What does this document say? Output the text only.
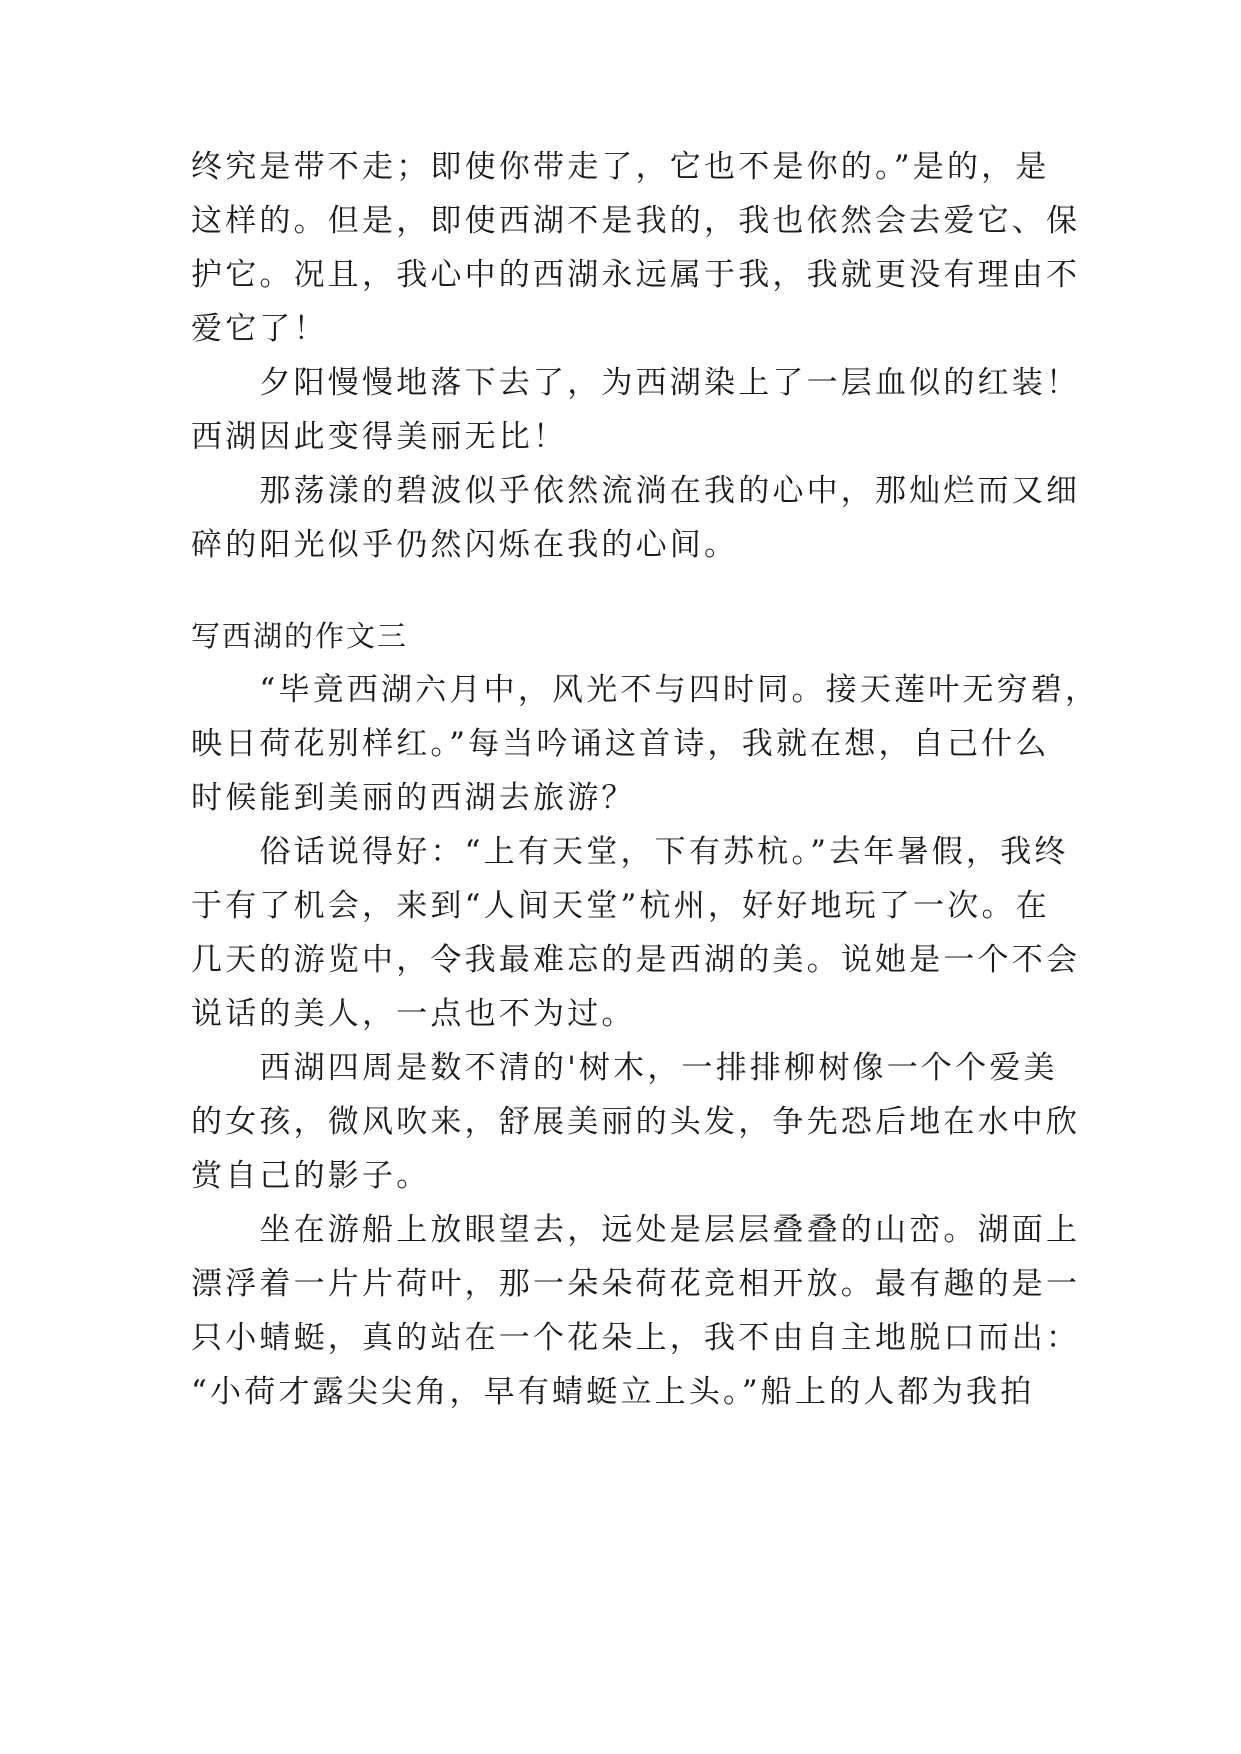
终究是带不走；即使你带走了，它也不是你的。”是的，是
这样的。但是，即使西湖不是我的，我也依然会去爱它、保
护它。况且，我心中的西湖永远属于我，我就更没有理由不
爱它了！
　　夕阳慢慢地落下去了，为西湖染上了一层血似的红装！
西湖因此变得美丽无比！
　　那荡漾的碧波似乎依然流淌在我的心中，那灿烂而又细
碎的阳光似乎仍然闪烁在我的心间。
写西湖的作文三
　　“毕竟西湖六月中，风光不与四时同。接天莲叶无穷碧，
映日荷花别样红。”每当吟诵这首诗，我就在想，自己什么
时候能到美丽的西湖去旅游？
　　俗话说得好：“上有天堂，下有苏杭。”去年暑假，我终
于有了机会，来到“人间天堂”杭州，好好地玩了一次。在
几天的游览中，令我最难忘的是西湖的美。说她是一个不会
说话的美人，一点也不为过。
　　西湖四周是数不清的'树木，一排排柳树像一个个爱美
的女孩，微风吹来，舒展美丽的头发，争先恐后地在水中欣
赏自己的影子。
　　坐在游船上放眼望去，远处是层层叠叠的山峦。湖面上
漂浮着一片片荷叶，那一朵朵荷花竞相开放。最有趣的是一
只小蜻蜓，真的站在一个花朵上，我不由自主地脱口而出：
“小荷才露尖尖角，早有蜻蜓立上头。”船上的人都为我拍
